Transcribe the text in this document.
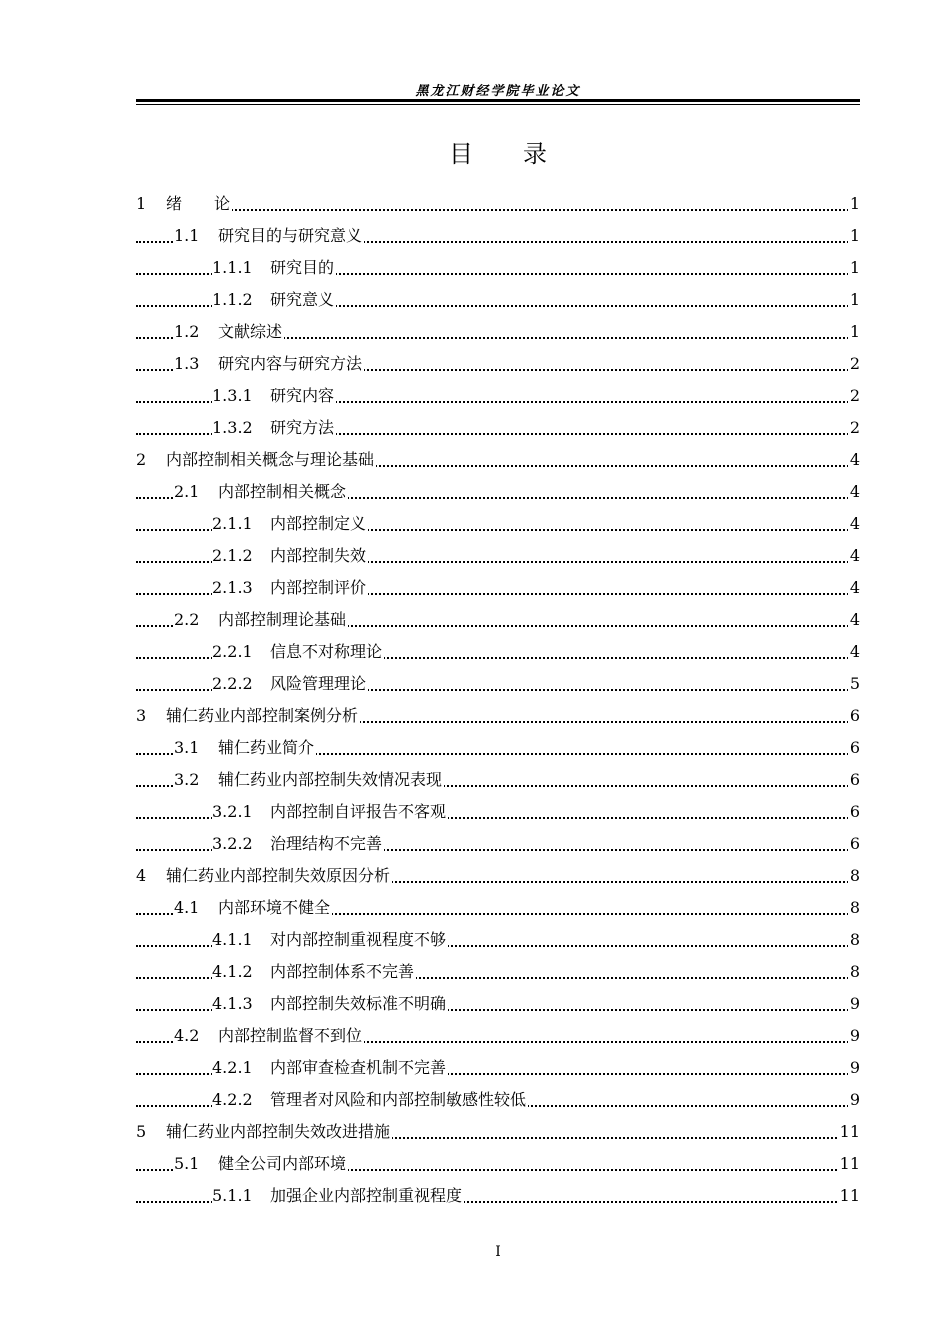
黑龙江财经学院毕业论文
目 录
1 绪　　论	1
1.1 研究目的与研究意义	1
1.1.1 研究目的	1
1.1.2 研究意义	1
1.2 文献综述	1
1.3 研究内容与研究方法	2
1.3.1 研究内容	2
1.3.2 研究方法	2
2 内部控制相关概念与理论基础	4
2.1 内部控制相关概念	4
2.1.1 内部控制定义	4
2.1.2 内部控制失效	4
2.1.3 内部控制评价	4
2.2 内部控制理论基础	4
2.2.1 信息不对称理论	4
2.2.2 风险管理理论	5
3 辅仁药业内部控制案例分析	6
3.1 辅仁药业简介	6
3.2 辅仁药业内部控制失效情况表现	6
3.2.1 内部控制自评报告不客观	6
3.2.2 治理结构不完善	6
4 辅仁药业内部控制失效原因分析	8
4.1 内部环境不健全	8
4.1.1 对内部控制重视程度不够	8
4.1.2 内部控制体系不完善	8
4.1.3 内部控制失效标准不明确	9
4.2 内部控制监督不到位	9
4.2.1 内部审查检查机制不完善	9
4.2.2 管理者对风险和内部控制敏感性较低	9
5 辅仁药业内部控制失效改进措施	11
5.1 健全公司内部环境	11
5.1.1 加强企业内部控制重视程度	11
I
